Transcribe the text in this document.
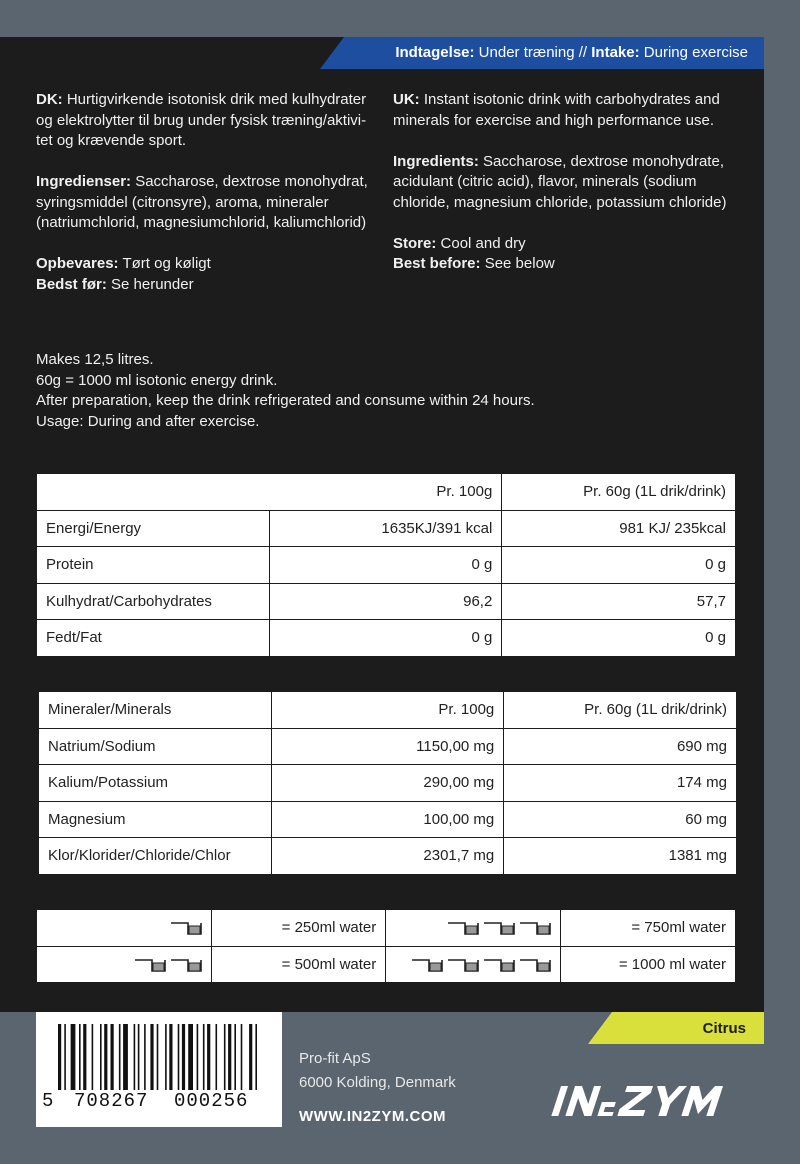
Indtagelse: Under træning // Intake: During exercise
DK: Hurtigvirkende isotonisk drik med kulhydrater og elektrolytter til brug under fysisk træning/aktivi-tet og krævende sport.
Ingredienser: Saccharose, dextrose monohydrat, syringsmiddel (citronsyre), aroma, mineraler (natriumchlorid, magnesiumchlorid, kaliumchlorid)
Opbevares: Tørt og køligt
Bedst før: Se herunder
UK: Instant isotonic drink with carbohydrates and minerals for exercise and high performance use.
Ingredients: Saccharose, dextrose monohydrate, acidulant (citric acid), flavor, minerals (sodium chloride, magnesium chloride, potassium chloride)
Store: Cool and dry
Best before: See below
Makes 12,5 litres.
60g = 1000 ml isotonic energy drink.
After preparation, keep the drink refrigerated and consume within 24 hours.
Usage: During and after exercise.
Pr. 100g		Pr. 60g (1L drik/drink)
Energi/Energy	1635KJ/391 kcal	981 KJ/ 235kcal
Protein	0 g	0 g
Kulhydrat/Carbohydrates	96,2	57,7
Fedt/Fat	0 g	0 g
Mineraler/Minerals	Pr. 100g	Pr. 60g (1L drik/drink)
Natrium/Sodium	1150,00 mg	690 mg
Kalium/Potassium	290,00 mg	174 mg
Magnesium	100,00 mg	60 mg
Klor/Klorider/Chloride/Chlor	2301,7 mg	1381 mg
	= 250ml water		= 750ml water

	= 500ml water		= 1000 ml water
Citrus
5 708267 000256
Pro-fit ApS
6000 Kolding, Denmark
WWW.IN2ZYM.COM
